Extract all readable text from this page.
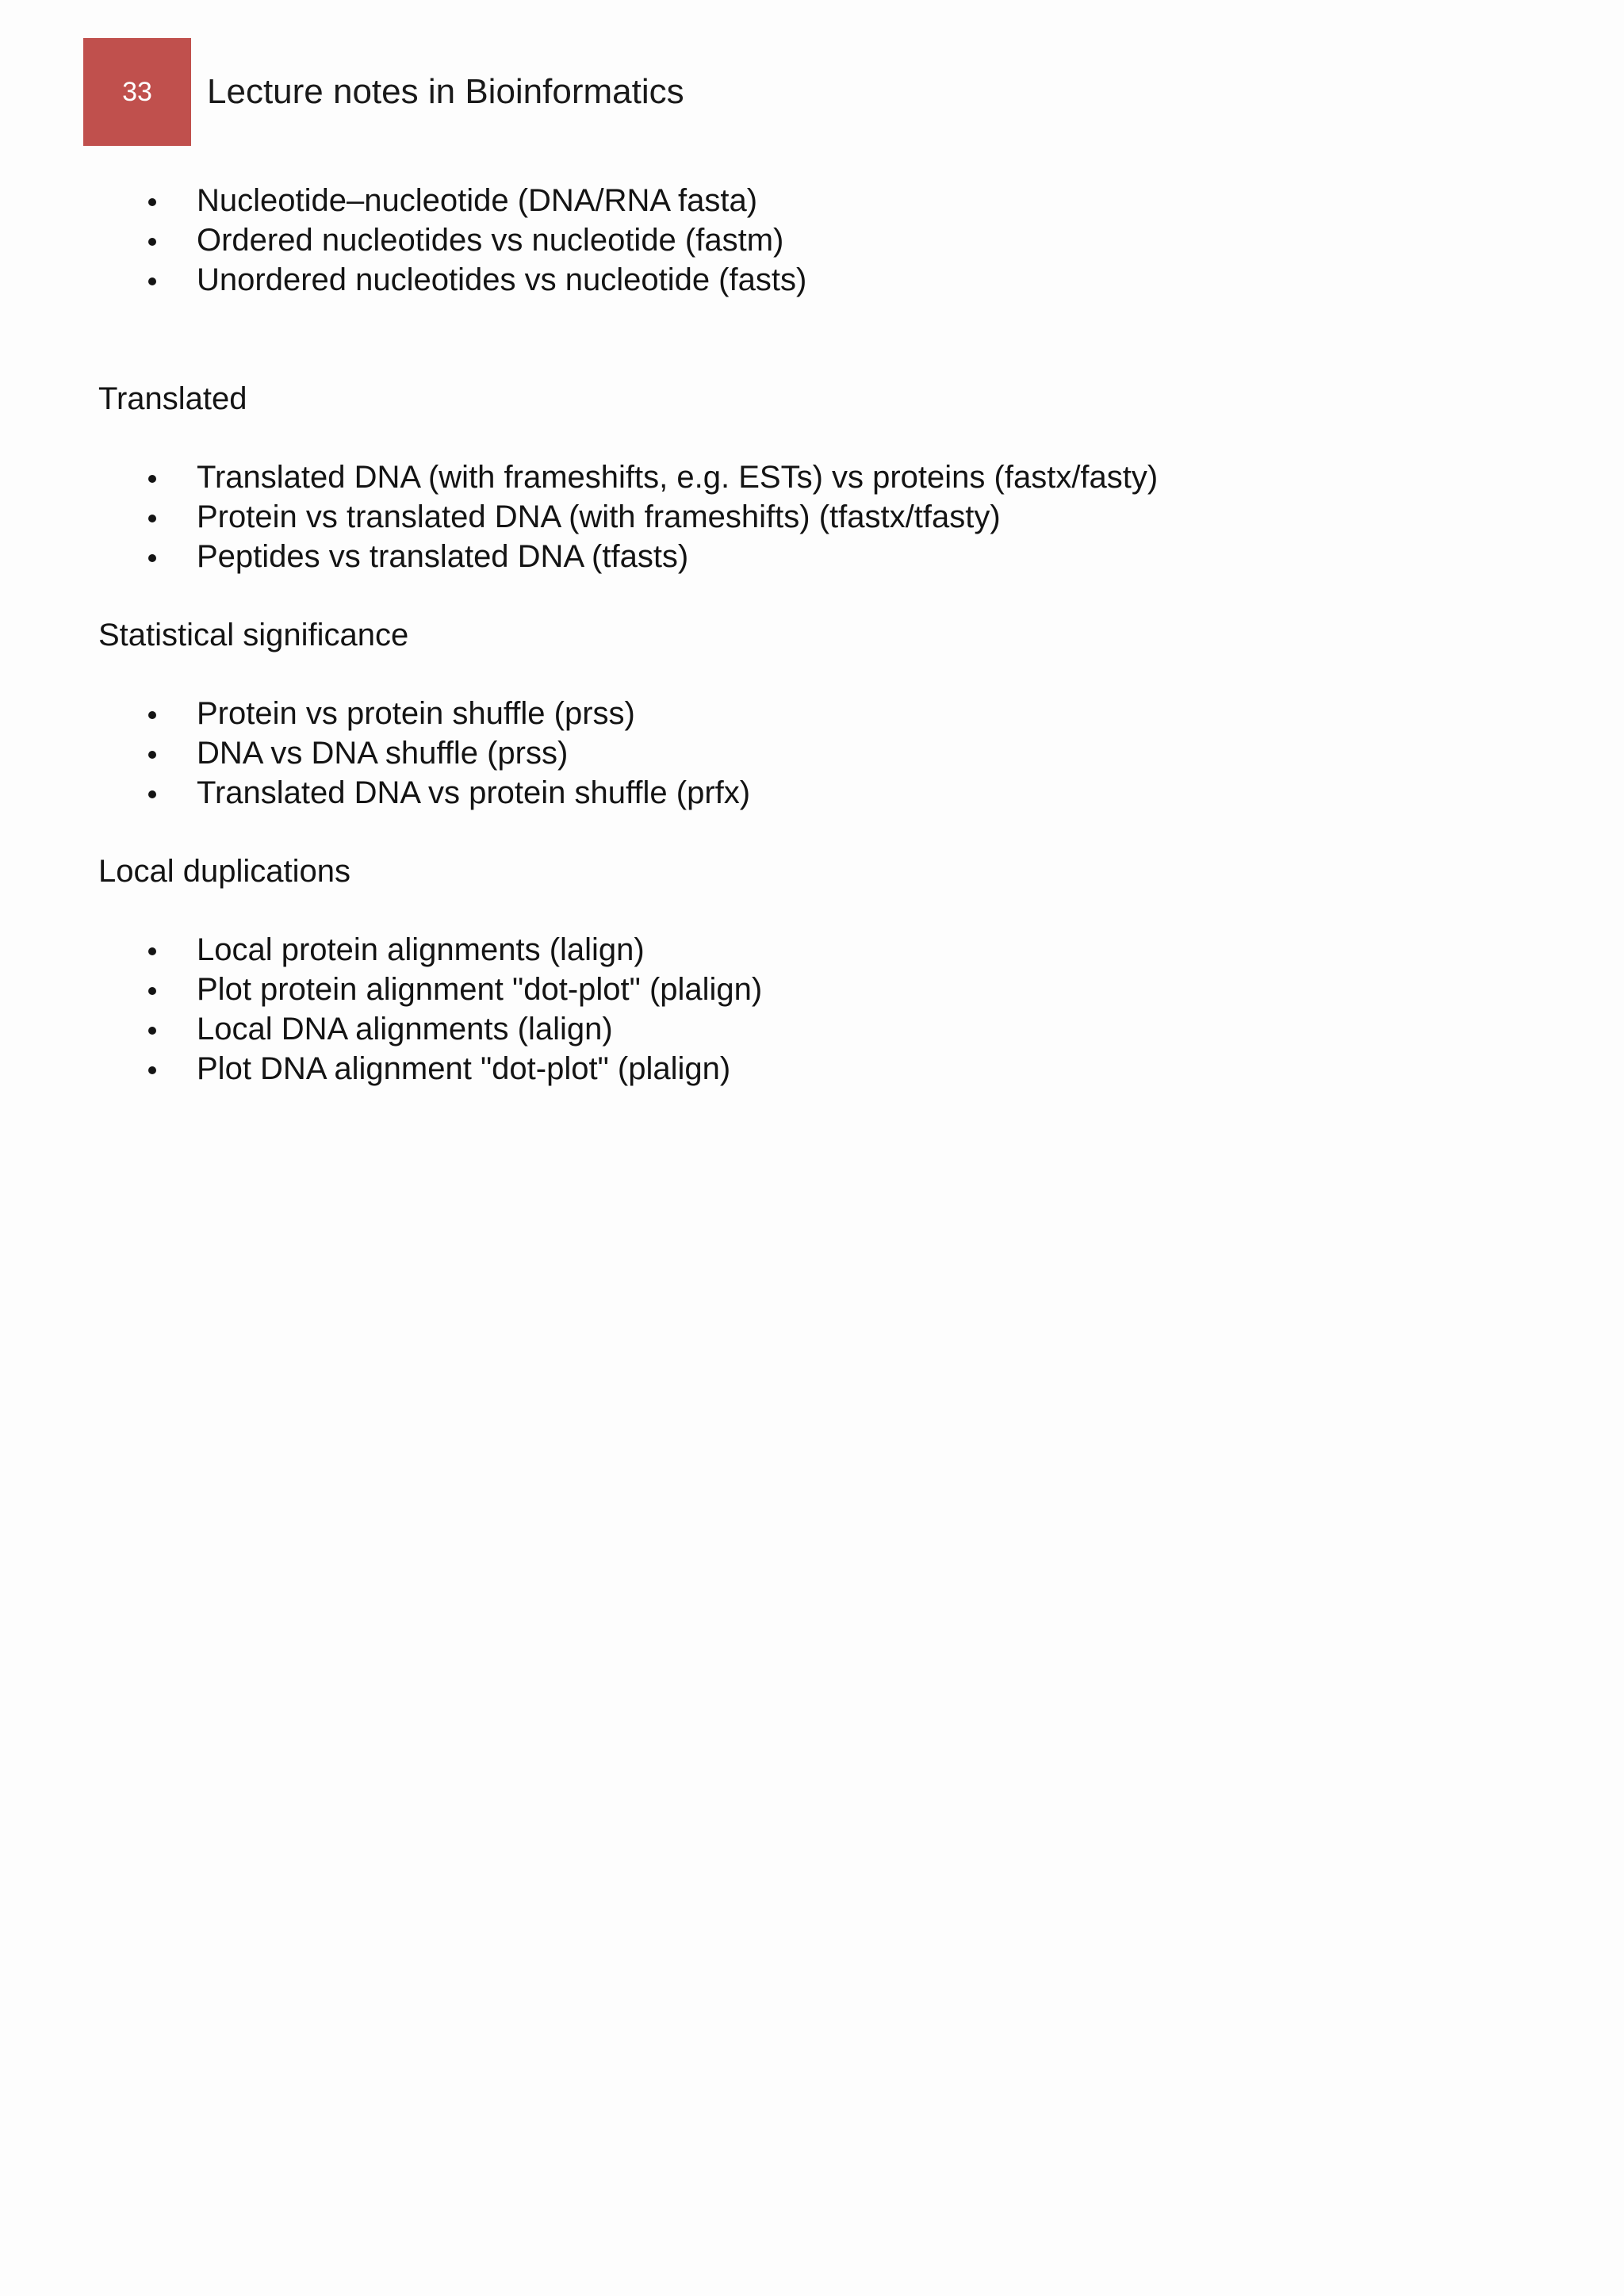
33	Lecture notes in Bioinformatics
Nucleotide–nucleotide (DNA/RNA fasta)
Ordered nucleotides vs nucleotide (fastm)
Unordered nucleotides vs nucleotide (fasts)
Translated
Translated DNA (with frameshifts, e.g. ESTs) vs proteins (fastx/fasty)
Protein vs translated DNA (with frameshifts) (tfastx/tfasty)
Peptides vs translated DNA (tfasts)
Statistical significance
Protein vs protein shuffle (prss)
DNA vs DNA shuffle (prss)
Translated DNA vs protein shuffle (prfx)
Local duplications
Local protein alignments (lalign)
Plot protein alignment "dot-plot" (plalign)
Local DNA alignments (lalign)
Plot DNA alignment "dot-plot" (plalign)
